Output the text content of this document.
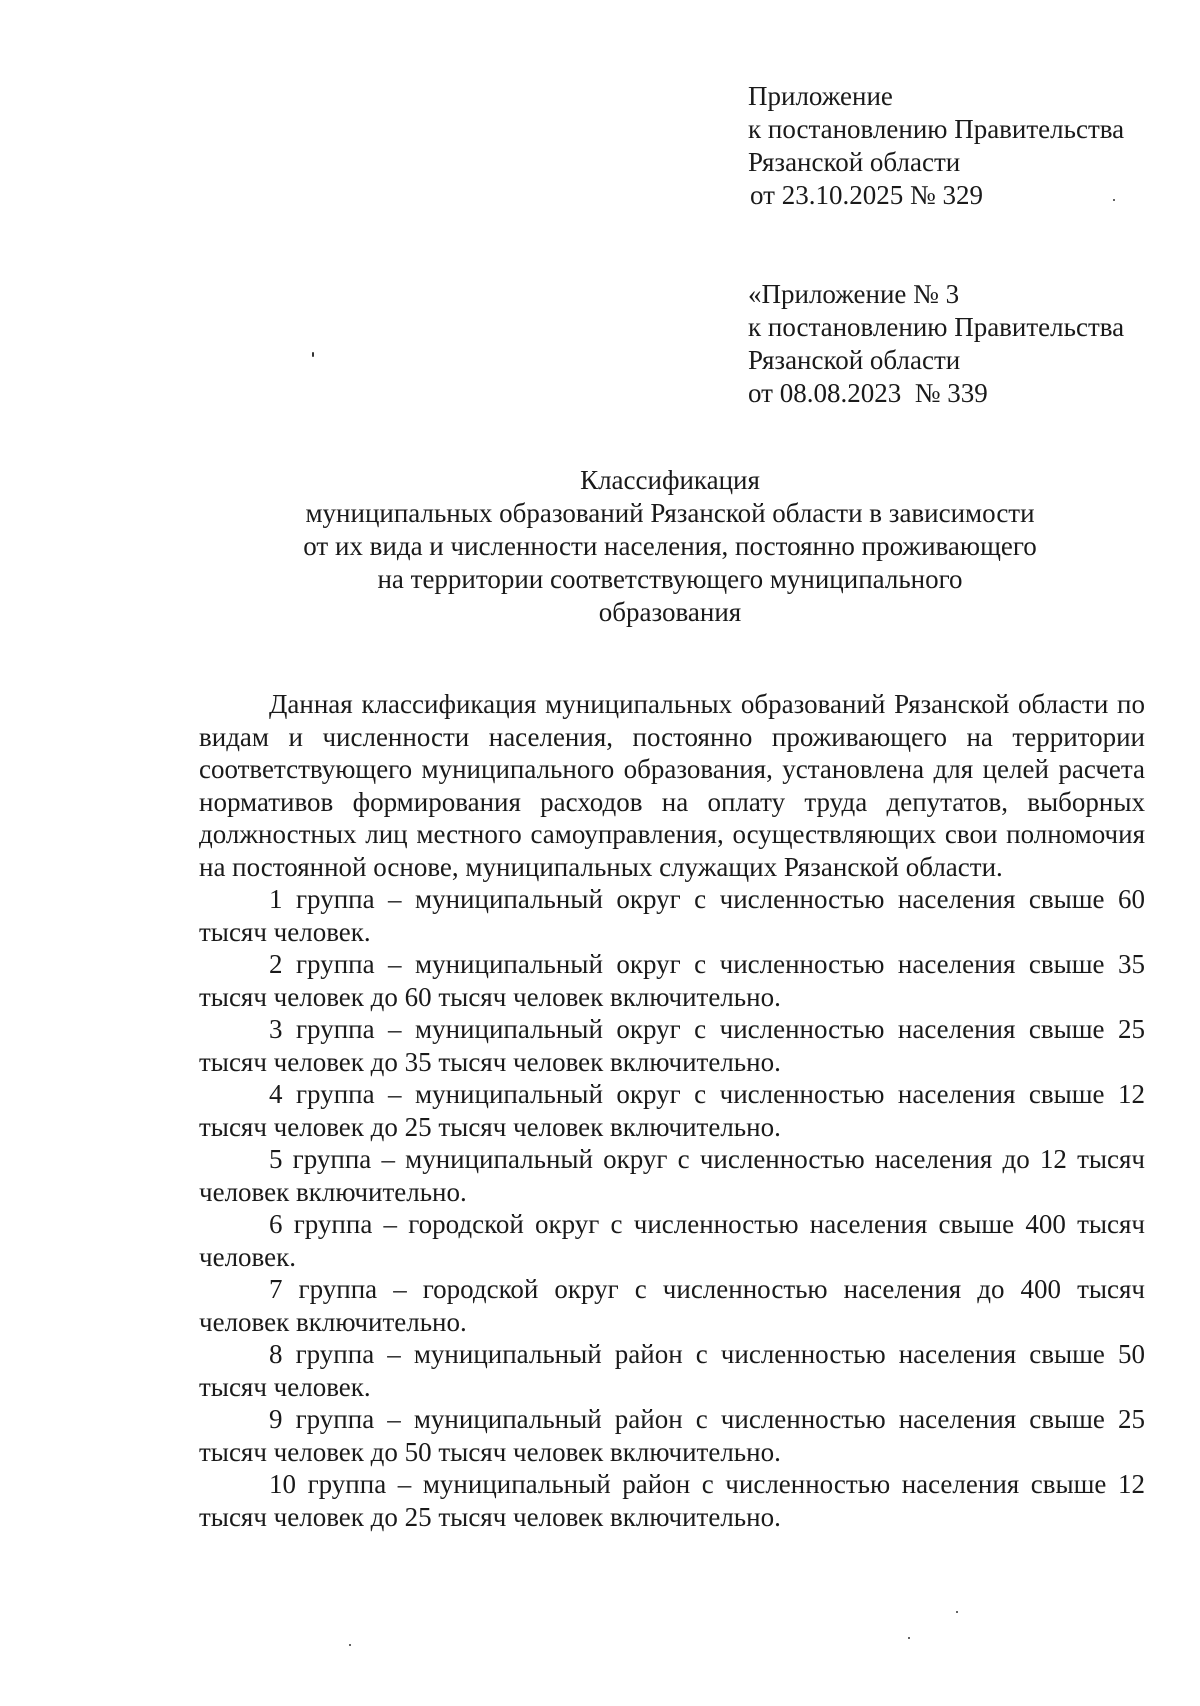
Приложение
к постановлению Правительства
Рязанской области
от 23.10.2025 № 329
«Приложение № 3
к постановлению Правительства
Рязанской области
от 08.08.2023  № 339
Классификация
муниципальных образований Рязанской области в зависимости
от их вида и численности населения, постоянно проживающего
на территории соответствующего муниципального
образования

Данная классификация муниципальных образований Рязанской области по видам и численности населения, постоянно проживающего на территории соответствующего муниципального образования, установлена для целей расчета нормативов формирования расходов на оплату труда депутатов, выборных должностных лиц местного самоуправления, осуществляющих свои полномочия на постоянной основе, муниципальных служащих Рязанской области.

1 группа – муниципальный округ с численностью населения свыше 60 тысяч человек.

2 группа – муниципальный округ с численностью населения свыше 35 тысяч человек до 60 тысяч человек включительно.

3 группа – муниципальный округ с численностью населения свыше 25 тысяч человек до 35 тысяч человек включительно.

4 группа – муниципальный округ с численностью населения свыше 12 тысяч человек до 25 тысяч человек включительно.

5 группа – муниципальный округ с численностью населения до 12 тысяч человек включительно.

6 группа – городской округ с численностью населения свыше 400 тысяч человек.

7 группа – городской округ с численностью населения до 400 тысяч человек включительно.

8 группа – муниципальный район с численностью населения свыше 50 тысяч человек.

9 группа – муниципальный район с численностью населения свыше 25 тысяч человек до 50 тысяч человек включительно.

10 группа – муниципальный район с численностью населения свыше 12 тысяч человек до 25 тысяч человек включительно.
